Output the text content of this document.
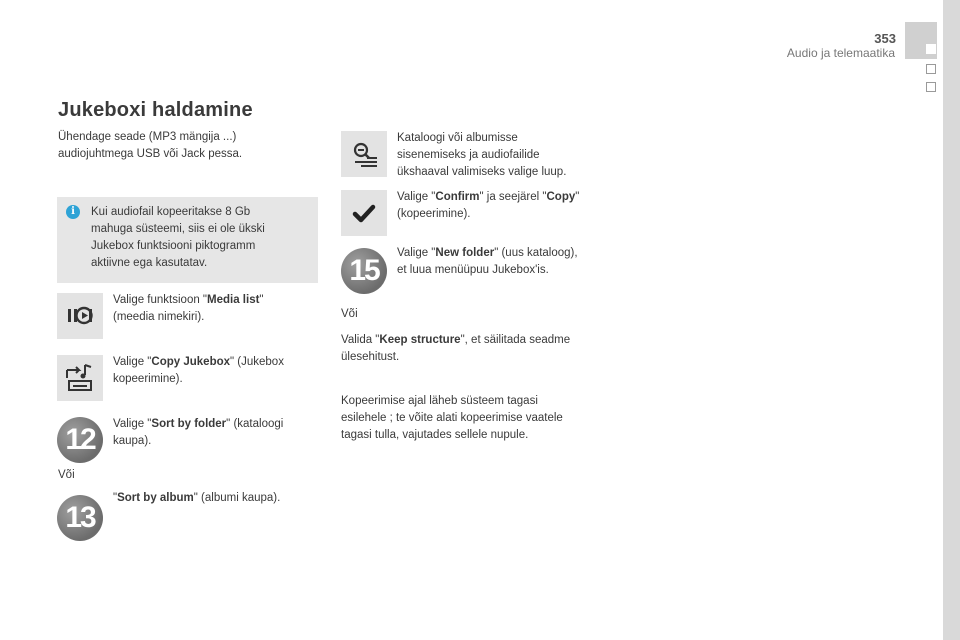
353
Audio ja telemaatika
Jukeboxi haldamine
Ühendage seade (MP3 mängija ...)
audiojuhtmega USB või Jack pessa.
i	Kui audiofail kopeeritakse 8 Gb
mahuga süsteemi, siis ei ole ükski
Jukebox funktsiooni piktogramm
aktiivne ega kasutatav.
Valige funktsioon "Media list"
(meedia nimekiri).
Valige "Copy Jukebox" (Jukebox
kopeerimine).
12	Valige "Sort by folder" (kataloogi
kaupa).
Või
13
"Sort by album" (albumi kaupa).
Kataloogi või albumisse
sisenemiseks ja audiofailide
ükshaaval valimiseks valige luup.
Valige "Confirm" ja seejärel "Copy"
(kopeerimine).
15
Valige "New folder" (uus kataloog),
et luua menüüpuu Jukebox'is.
Või
Valida "Keep structure", et säilitada seadme
ülesehitust.
Kopeerimise ajal läheb süsteem tagasi
esilehele ; te võite alati kopeerimise vaatele
tagasi tulla, vajutades sellele nupule.
